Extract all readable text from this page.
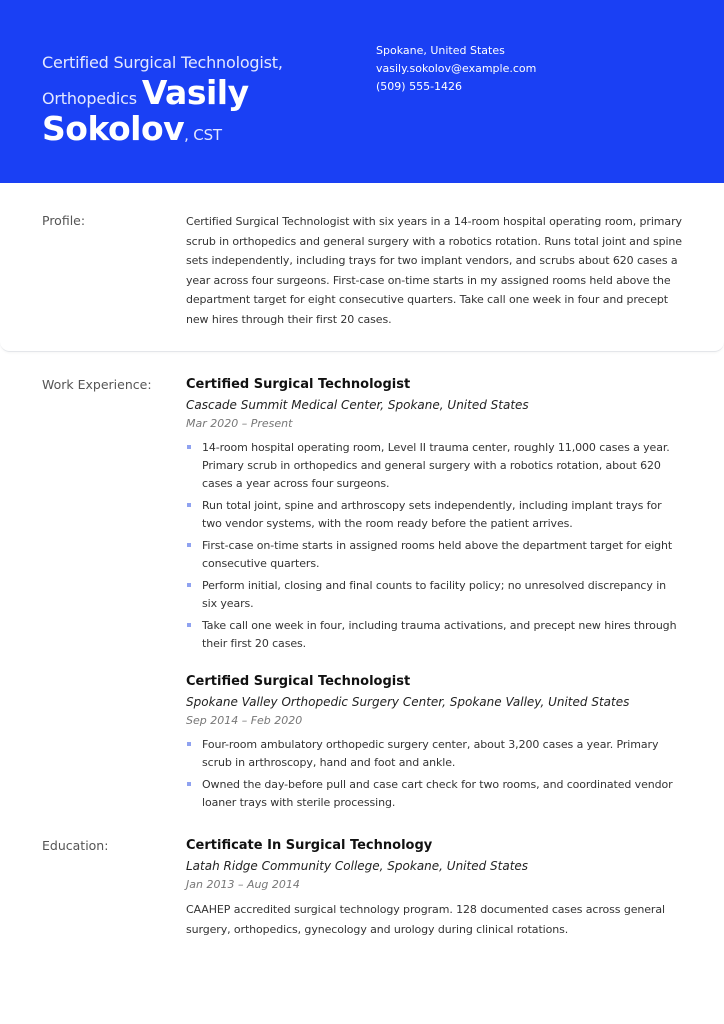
Certified Surgical Technologist, Orthopedics Vasily Sokolov, CST
Spokane, United States
vasily.sokolov@example.com
(509) 555-1426
Profile:	Certified Surgical Technologist with six years in a 14-room hospital operating room, primary scrub in orthopedics and general surgery with a robotics rotation. Runs total joint and spine sets independently, including trays for two implant vendors, and scrubs about 620 cases a year across four surgeons. First-case on-time starts in my assigned rooms held above the department target for eight consecutive quarters. Take call one week in four and precept new hires through their first 20 cases.
Work Experience:	Certified Surgical Technologist
Cascade Summit Medical Center, Spokane, United States
Mar 2020 – Present
14-room hospital operating room, Level II trauma center, roughly 11,000 cases a year. Primary scrub in orthopedics and general surgery with a robotics rotation, about 620 cases a year across four surgeons.
Run total joint, spine and arthroscopy sets independently, including implant trays for two vendor systems, with the room ready before the patient arrives.
First-case on-time starts in assigned rooms held above the department target for eight consecutive quarters.
Perform initial, closing and final counts to facility policy; no unresolved discrepancy in six years.
Take call one week in four, including trauma activations, and precept new hires through their first 20 cases.
Certified Surgical Technologist
Spokane Valley Orthopedic Surgery Center, Spokane Valley, United States
Sep 2014 – Feb 2020
Four-room ambulatory orthopedic surgery center, about 3,200 cases a year. Primary scrub in arthroscopy, hand and foot and ankle.
Owned the day-before pull and case cart check for two rooms, and coordinated vendor loaner trays with sterile processing.
Education:	Certificate In Surgical Technology
Latah Ridge Community College, Spokane, United States
Jan 2013 – Aug 2014
CAAHEP accredited surgical technology program. 128 documented cases across general surgery, orthopedics, gynecology and urology during clinical rotations.
